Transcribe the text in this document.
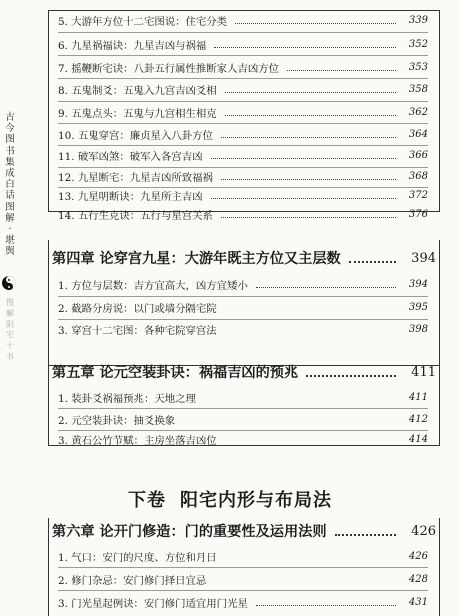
古
今
图
书
集
成
白
话
图
解
·
堪
舆
图
解
阳
宅
十
书
5. 大游年方位十二宅图说：住宅分类	339
6. 九星祸福诀：九星吉凶与祸福	352
7. 摇鞭断宅诀：八卦五行属性推断家人吉凶方位	353
8. 五鬼制爻：五鬼入九宫吉凶爻相	358
9. 五鬼点头：五鬼与九宫相生相克	362
10. 五鬼穿宫：廉贞星入八卦方位	364
11. 破军凶煞：破军入各宫吉凶	366
12. 九星断宅：九星吉凶所致福祸	368
13. 九星明断诀：九星所主吉凶	372
14. 五行生克诀：五行与星宫关系	376
第四章 论穿宫九星：大游年既主方位又主层数	394
1. 方位与层数：吉方宜高大，凶方宜矮小	394
2. 截路分房说：以门或墙分隔宅院	395
3. 穿宫十二宅图：各种宅院穿宫法	398
第五章 论元空装卦诀：祸福吉凶的预兆	411
1. 装卦爻祸福预兆：天地之理	411
2. 元空装卦诀：抽爻换象	412
3. 黄石公竹节赋：主房坐落吉凶位	414
下卷 阳宅内形与布局法
第六章 论开门修造：门的重要性及运用法则	426
1. 气口：安门的尺度、方位和月日	426
2. 修门杂忌：安门修门择日宜忌	428
3. 门光星起例诀：安门修门适宜用门光星	431
